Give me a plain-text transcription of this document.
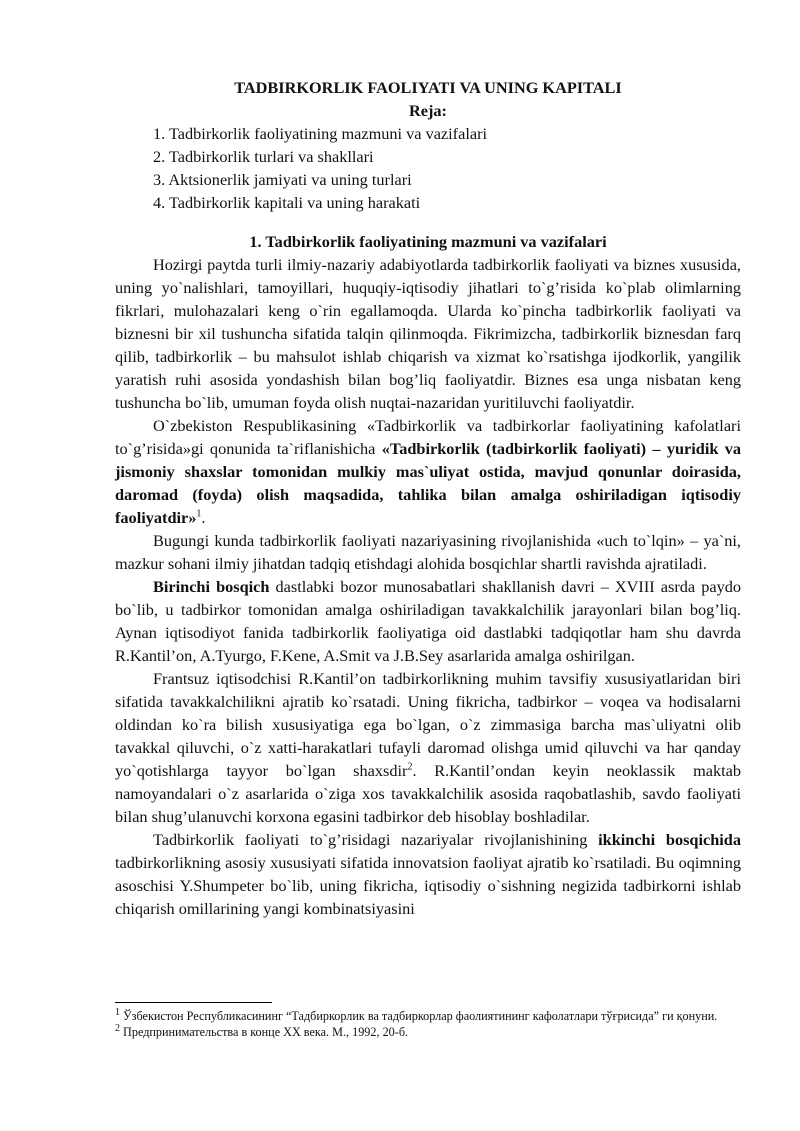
TADBIRKORLIK FAOLIYATI VA UNING KAPITALI
Reja:
1. Tadbirkorlik faoliyatining mazmuni va vazifalari
2. Tadbirkorlik turlari va shakllari
3. Aktsionerlik jamiyati va uning turlari
4. Tadbirkorlik kapitali va uning harakati
1. Tadbirkorlik faoliyatining mazmuni va vazifalari

Hozirgi paytda turli ilmiy-nazariy adabiyotlarda tadbirkorlik faoliyati va biznes xususida, uning yo`nalishlari, tamoyillari, huquqiy-iqtisodiy jihatlari to`g’risida ko`plab olimlarning fikrlari, mulohazalari keng o`rin egallamoqda. Ularda ko`pincha tadbirkorlik faoliyati va biznesni bir xil tushuncha sifatida talqin qilinmoqda. Fikrimizcha, tadbirkorlik biznesdan farq qilib, tadbirkorlik – bu mahsulot ishlab chiqarish va xizmat ko`rsatishga ijodkorlik, yangilik yaratish ruhi asosida yondashish bilan bog’liq faoliyatdir. Biznes esa unga nisbatan keng tushuncha bo`lib, umuman foyda olish nuqtai-nazaridan yuritiluvchi faoliyatdir.

O`zbekiston Respublikasining «Tadbirkorlik va tadbirkorlar faoliyatining kafolatlari to`g’risida»gi qonunida ta`riflanishicha «Tadbirkorlik (tadbirkorlik faoliyati) – yuridik va jismoniy shaxslar tomonidan mulkiy mas`uliyat ostida, mavjud qonunlar doirasida, daromad (foyda) olish maqsadida, tahlika bilan amalga oshiriladigan iqtisodiy faoliyatdir»$^1$.

Bugungi kunda tadbirkorlik faoliyati nazariyasining rivojlanishida «uch to`lqin» – ya`ni, mazkur sohani ilmiy jihatdan tadqiq etishdagi alohida bosqichlar shartli ravishda ajratiladi.

Birinchi bosqich dastlabki bozor munosabatlari shakllanish davri – XVIII asrda paydo bo`lib, u tadbirkor tomonidan amalga oshiriladigan tavakkalchilik jarayonlari bilan bog’liq. Aynan iqtisodiyot fanida tadbirkorlik faoliyatiga oid dastlabki tadqiqotlar ham shu davrda R.Kantil’on, A.Tyurgo, F.Kene, A.Smit va J.B.Sey asarlarida amalga oshirilgan.

Frantsuz iqtisodchisi R.Kantil’on tadbirkorlikning muhim tavsifiy xususiyatlaridan biri sifatida tavakkalchilikni ajratib ko`rsatadi. Uning fikricha, tadbirkor – voqea va hodisalarni oldindan ko`ra bilish xususiyatiga ega bo`lgan, o`z zimmasiga barcha mas`uliyatni olib tavakkal qiluvchi, o`z xatti-harakatlari tufayli daromad olishga umid qiluvchi va har qanday yo`qotishlarga tayyor bo`lgan shaxsdir$^2$. R.Kantil’ondan keyin neoklassik maktab namoyandalari o`z asarlarida o`ziga xos tavakkalchilik asosida raqobatlashib, savdo faoliyati bilan shug’ulanuvchi korxona egasini tadbirkor deb hisoblay boshladilar.

Tadbirkorlik faoliyati to`g’risidagi nazariyalar rivojlanishining ikkinchi bosqichida tadbirkorlikning asosiy xususiyati sifatida innovatsion faoliyat ajratib ko`rsatiladi. Bu oqimning asoschisi Y.Shumpeter bo`lib, uning fikricha, iqtisodiy o`sishning negizida tadbirkorni ishlab chiqarish omillarining yangi kombinatsiyasini

$^1$ Ўзбекистон Республикасининг “Тадбиркорлик ва тадбиркорлар фаолиятининг кафолатлари тўғрисида” ги қонуни.
$^2$ Предпринимательства в конце XX века. М., 1992, 20-б.
